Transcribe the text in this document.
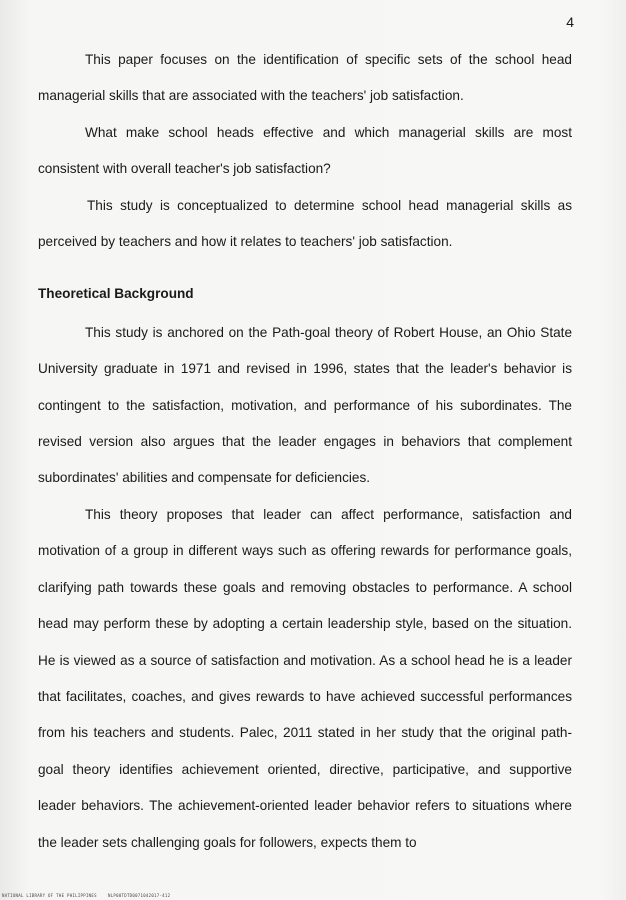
4

This paper focuses on the identification of specific sets of the school head managerial skills that are associated with the teachers' job satisfaction.

What make school heads effective and which managerial skills are most consistent with overall teacher's job satisfaction?

This study is conceptualized to determine school head managerial skills as perceived by teachers and how it relates to teachers' job satisfaction.

Theoretical Background

This study is anchored on the Path-goal theory of Robert House, an Ohio State University graduate in 1971 and revised in 1996, states that the leader's behavior is contingent to the satisfaction, motivation, and performance of his subordinates. The revised version also argues that the leader engages in behaviors that complement subordinates' abilities and compensate for deficiencies.

This theory proposes that leader can affect performance, satisfaction and motivation of a group in different ways such as offering rewards for performance goals, clarifying path towards these goals and removing obstacles to performance. A school head may perform these by adopting a certain leadership style, based on the situation. He is viewed as a source of satisfaction and motivation. As a school head he is a leader that facilitates, coaches, and gives rewards to have achieved successful performances from his teachers and students. Palec, 2011 stated in her study that the original path-goal theory identifies achievement oriented, directive, participative, and supportive leader behaviors. The achievement-oriented leader behavior refers to situations where the leader sets challenging goals for followers, expects them to

NATIONAL LIBRARY OF THE PHILIPPINES	NLP00TDTD0071042017-412
